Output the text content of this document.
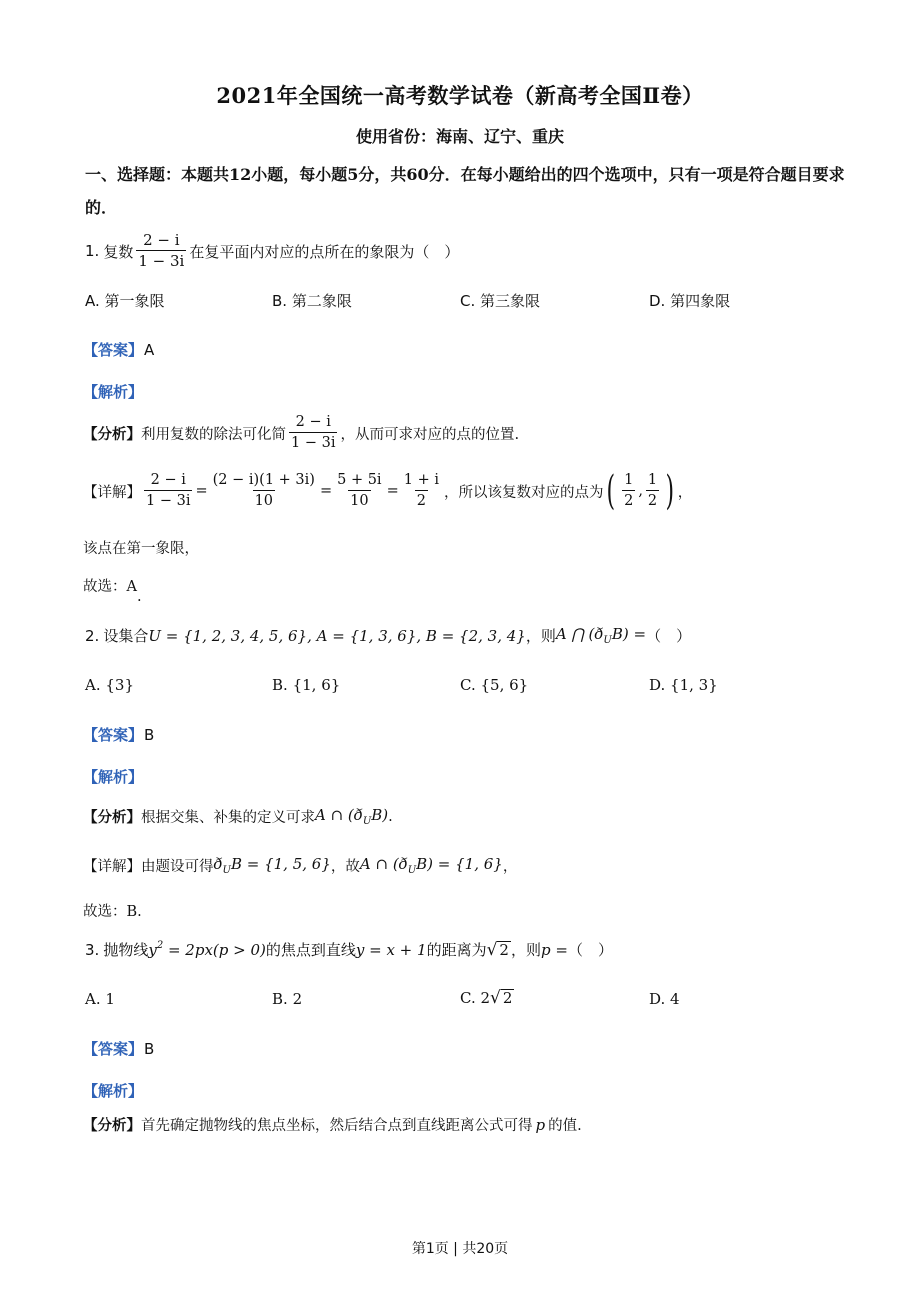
2021年全国统一高考数学试卷（新高考全国Ⅱ卷）
使用省份：海南、辽宁、重庆
一、选择题：本题共12小题，每小题5分，共60分．在每小题给出的四个选项中，只有一项是符合题目要求的．
1. 复数 $\frac{2 - i}{1 - 3i}$ 在复平面内对应的点所在的象限为（　）
A. 第一象限	B. 第二象限	C. 第三象限	D. 第四象限
【答案】A
【解析】
【分析】 利用复数的除法可化简 $\frac{2 - i}{1 - 3i}$ ，从而可求对应的点的位置.
【详解】 $\frac{2 - i}{1 - 3i} = \frac{(2 - i)(1 + 3i)}{10} = \frac{5 + 5i}{10} = \frac{1 + i}{2}$ ，所以该复数对应的点为 ( $\frac{1}{2}$ , $\frac{1}{2}$ ) ，
该点在第一象限，
故选：A.
2. 设集合 U = {1, 2, 3, 4, 5, 6}, A = {1, 3, 6}, B = {2, 3, 4} ，则 A ⋂ $(ð_UB)$ = （　）
A. {3}	B. {1, 6}	C. {5, 6}	D. {1, 3}
【答案】B
【解析】
【分析】 根据交集、补集的定义可求 A ∩ $(ð_UB)$ .
【详解】 由题设可得 $ð_UB = \{1$, 5, 6} ，故 A ∩ $(ð_UB) = \{1$, 6} ，
故选：B.
3. 抛物线 $y^2 = 2px(p > 0)$ 的焦点到直线 y = x + 1 的距离为 √ 2 ，则 p = （　）
A. 1	B. 2	C. 2√ 2	D. 4
【答案】B
【解析】
【分析】 首先确定抛物线的焦点坐标，然后结合点到直线距离公式可得 p 的值.
第1页 | 共20页
